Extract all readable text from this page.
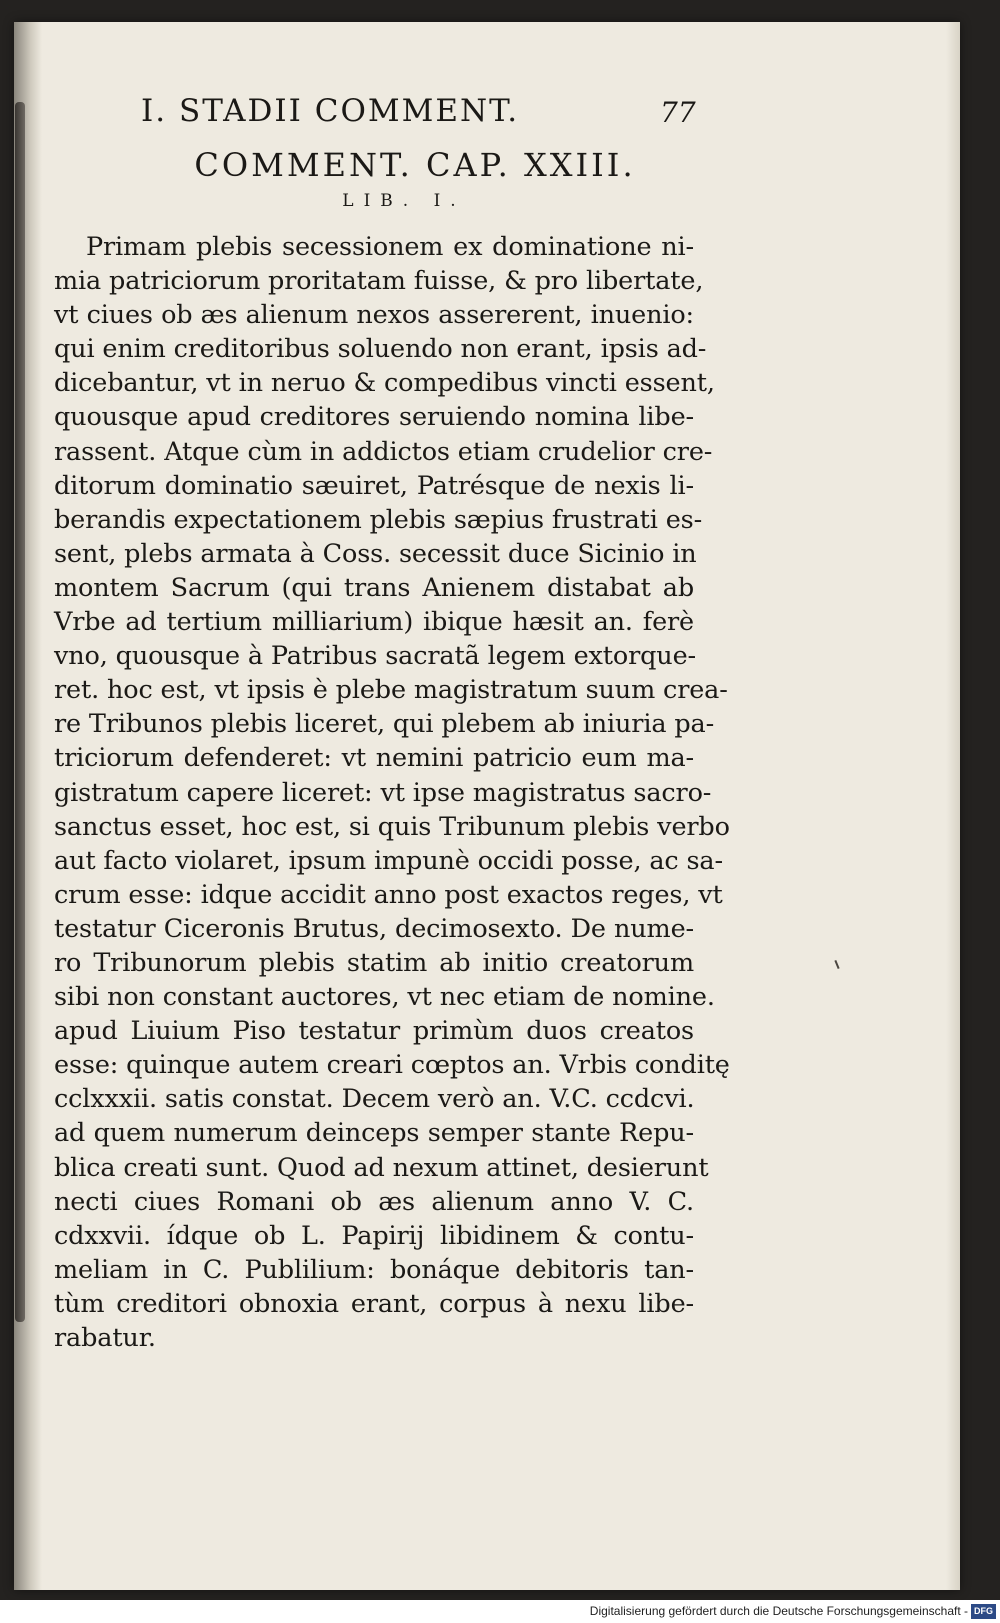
I. STADII COMMENT.	77
COMMENT. CAP. XXIII.
LIB. I.
Primam plebis secessionem ex dominatione ni-
mia patriciorum proritatam fuisse, & pro libertate,
vt ciues ob æs alienum nexos assererent, inuenio:
qui enim creditoribus soluendo non erant, ipsis ad-
dicebantur, vt in neruo & compedibus vincti essent,
quousque apud creditores seruiendo nomina libe-
rassent. Atque cùm in addictos etiam crudelior cre-
ditorum dominatio sæuiret, Patrésque de nexis li-
berandis expectationem plebis sæpius frustrati es-
sent, plebs armata à Coss. secessit duce Sicinio in
montem Sacrum (qui trans Anienem distabat ab
Vrbe ad tertium milliarium) ibique hæsit an. ferè
vno, quousque à Patribus sacratã legem extorque-
ret. hoc est, vt ipsis è plebe magistratum suum crea-
re Tribunos plebis liceret, qui plebem ab iniuria pa-
triciorum defenderet: vt nemini patricio eum ma-
gistratum capere liceret: vt ipse magistratus sacro-
sanctus esset, hoc est, si quis Tribunum plebis verbo
aut facto violaret, ipsum impunè occidi posse, ac sa-
crum esse: idque accidit anno post exactos reges, vt
testatur Ciceronis Brutus, decimosexto. De nume-
ro Tribunorum plebis statim ab initio creatorum
sibi non constant auctores, vt nec etiam de nomine.
apud Liuium Piso testatur primùm duos creatos
esse: quinque autem creari cœptos an. Vrbis conditę
cclxxxii. satis constat. Decem verò an. V.C. ccdcvi.
ad quem numerum deinceps semper stante Repu-
blica creati sunt. Quod ad nexum attinet, desierunt
necti ciues Romani ob æs alienum anno V. C.
cdxxvii. ídque ob L. Papirij libidinem & contu-
meliam in C. Publilium: bonáque debitoris tan-
tùm creditori obnoxia erant, corpus à nexu libe-
rabatur.
Digitalisierung gefördert durch die Deutsche Forschungsgemeinschaft - DFG
